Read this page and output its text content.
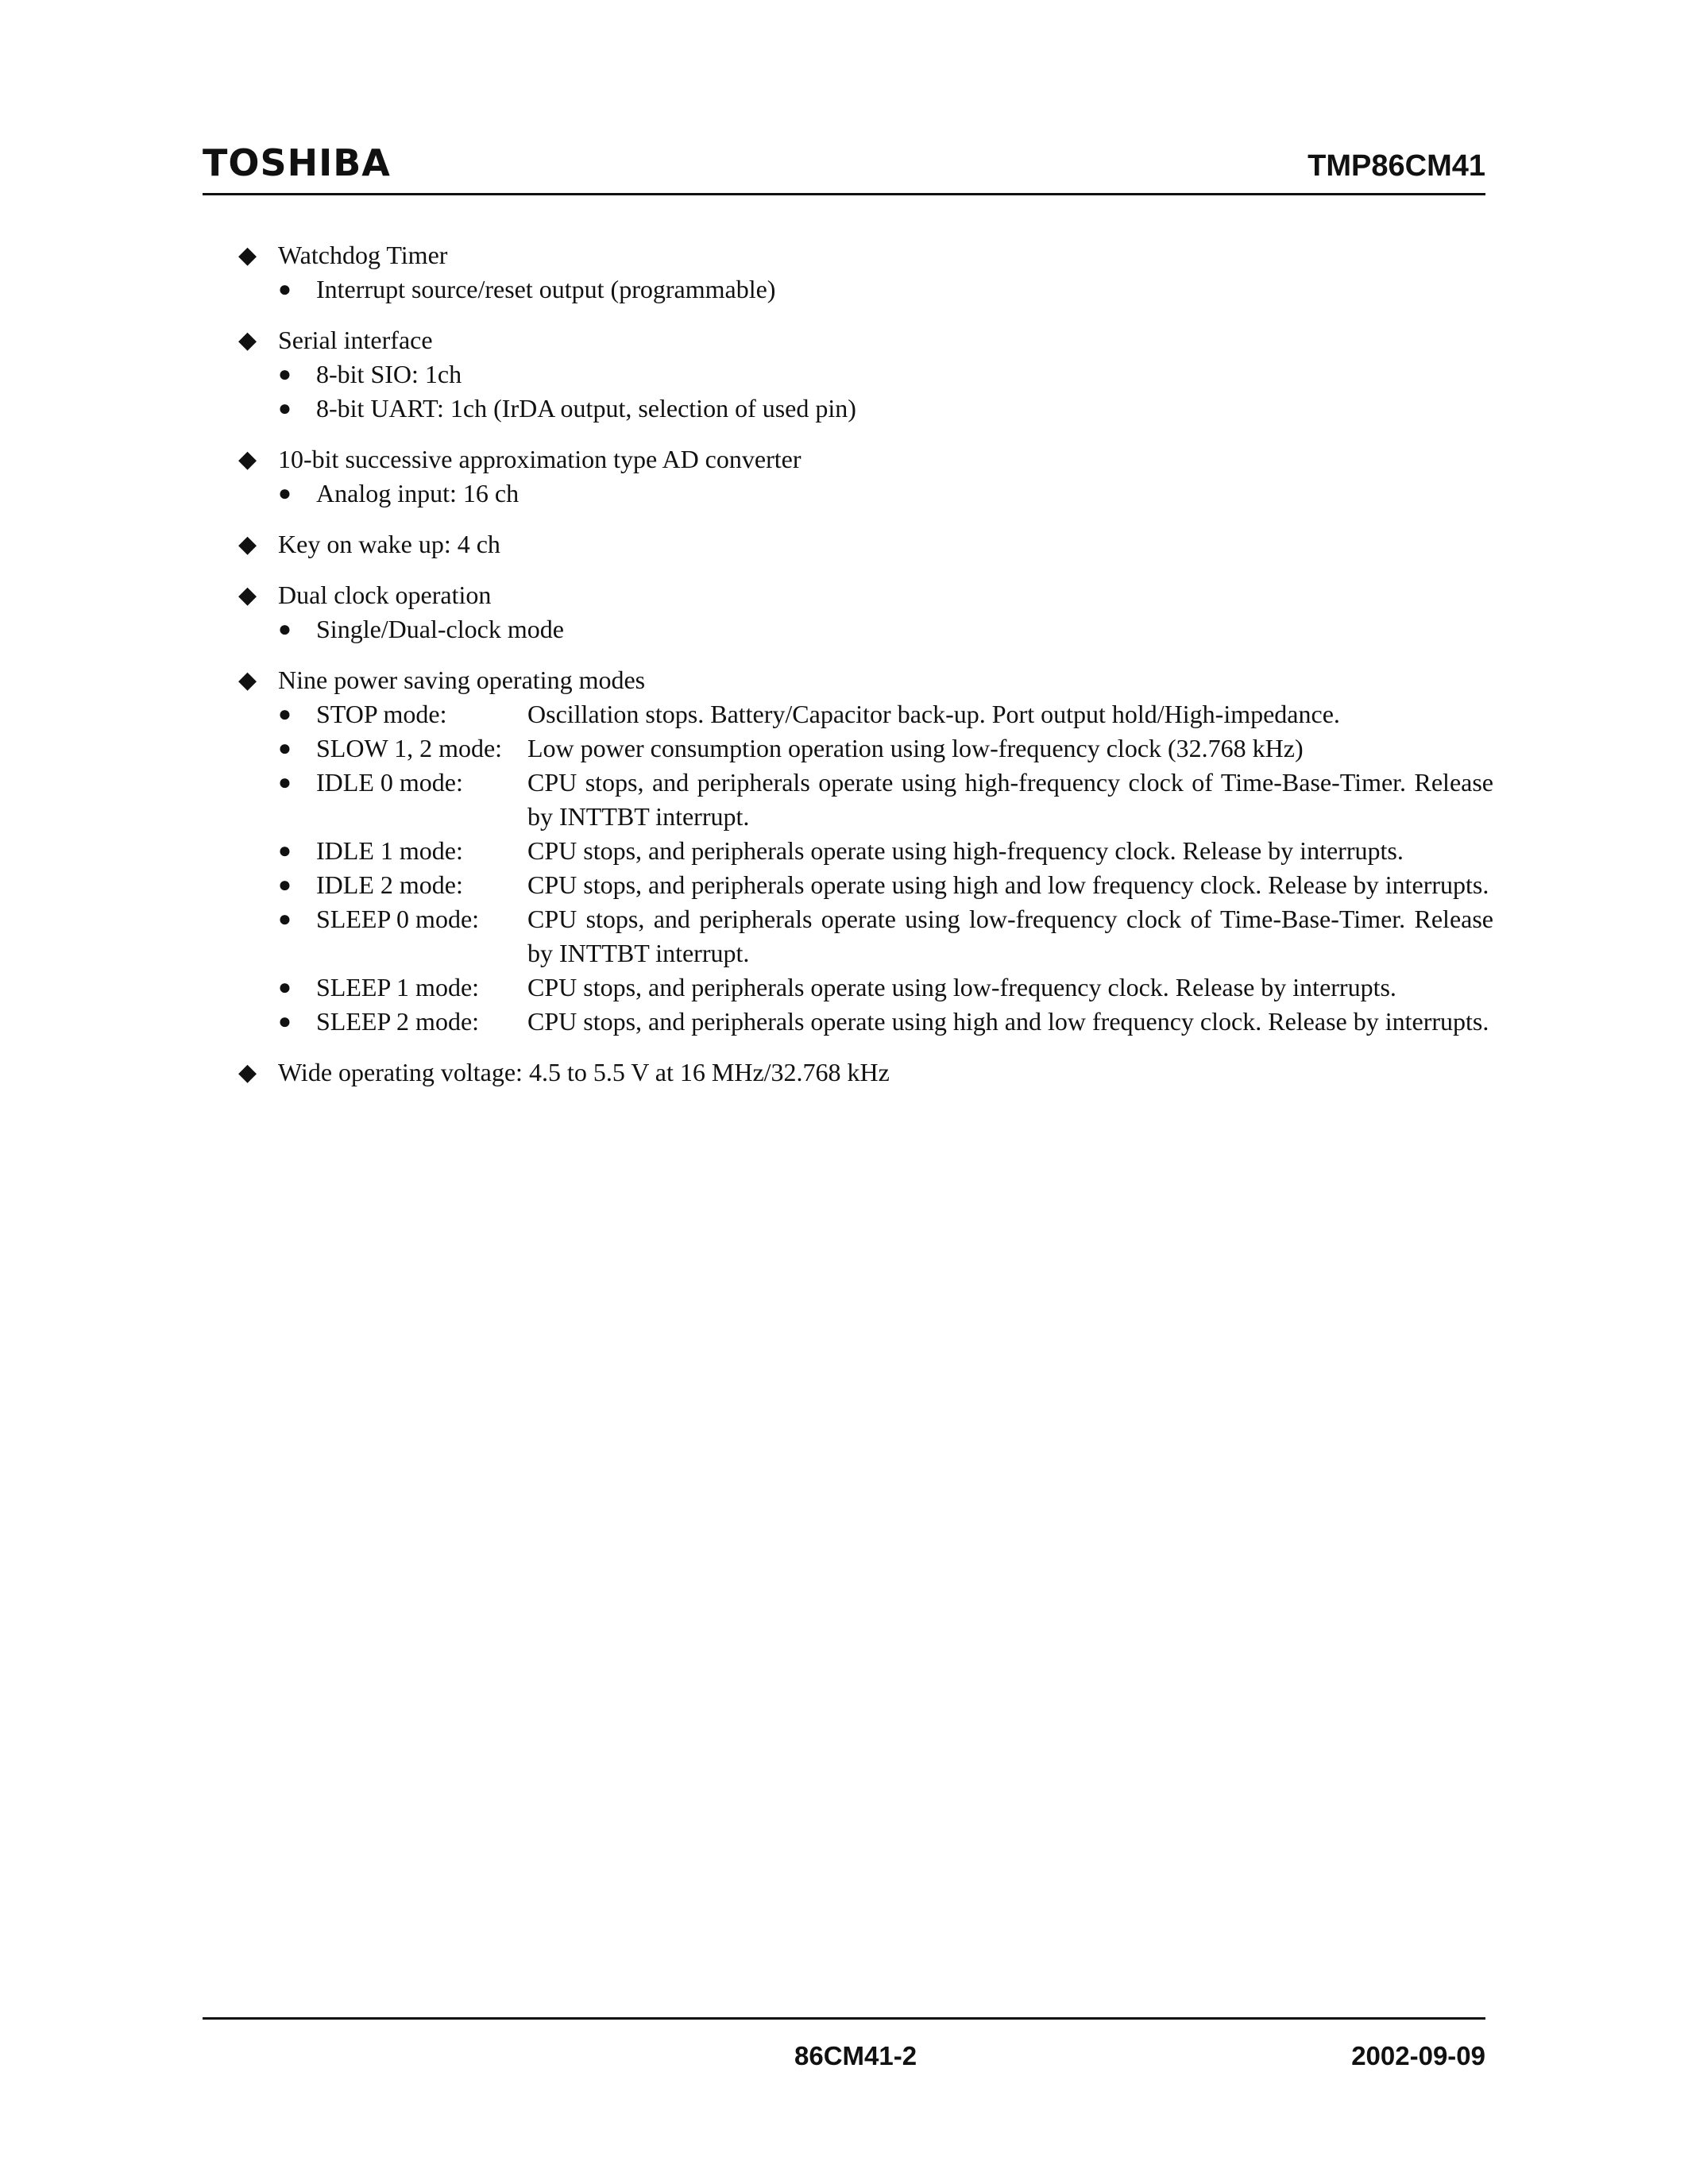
TOSHIBA	TMP86CM41
◆ Watchdog Timer
● Interrupt source/reset output (programmable)
◆ Serial interface
● 8-bit SIO: 1ch
● 8-bit UART: 1ch (IrDA output, selection of used pin)
◆ 10-bit successive approximation type AD converter
● Analog input: 16 ch
◆ Key on wake up: 4 ch
◆ Dual clock operation
● Single/Dual-clock mode
◆ Nine power saving operating modes
● STOP mode:	Oscillation stops. Battery/Capacitor back-up. Port output hold/High-impedance.
● SLOW 1, 2 mode: Low power consumption operation using low-frequency clock (32.768 kHz)
● IDLE 0 mode:	CPU stops, and peripherals operate using high-frequency clock of Time-Base-Timer. Release by INTTBT interrupt.
● IDLE 1 mode:	CPU stops, and peripherals operate using high-frequency clock. Release by interrupts.
● IDLE 2 mode:	CPU stops, and peripherals operate using high and low frequency clock. Release by interrupts.
● SLEEP 0 mode:	CPU stops, and peripherals operate using low-frequency clock of Time-Base-Timer. Release by INTTBT interrupt.
● SLEEP 1 mode:	CPU stops, and peripherals operate using low-frequency clock. Release by interrupts.
● SLEEP 2 mode:	CPU stops, and peripherals operate using high and low frequency clock. Release by interrupts.
◆ Wide operating voltage: 4.5 to 5.5 V at 16 MHz/32.768 kHz
86CM41-2	2002-09-09
